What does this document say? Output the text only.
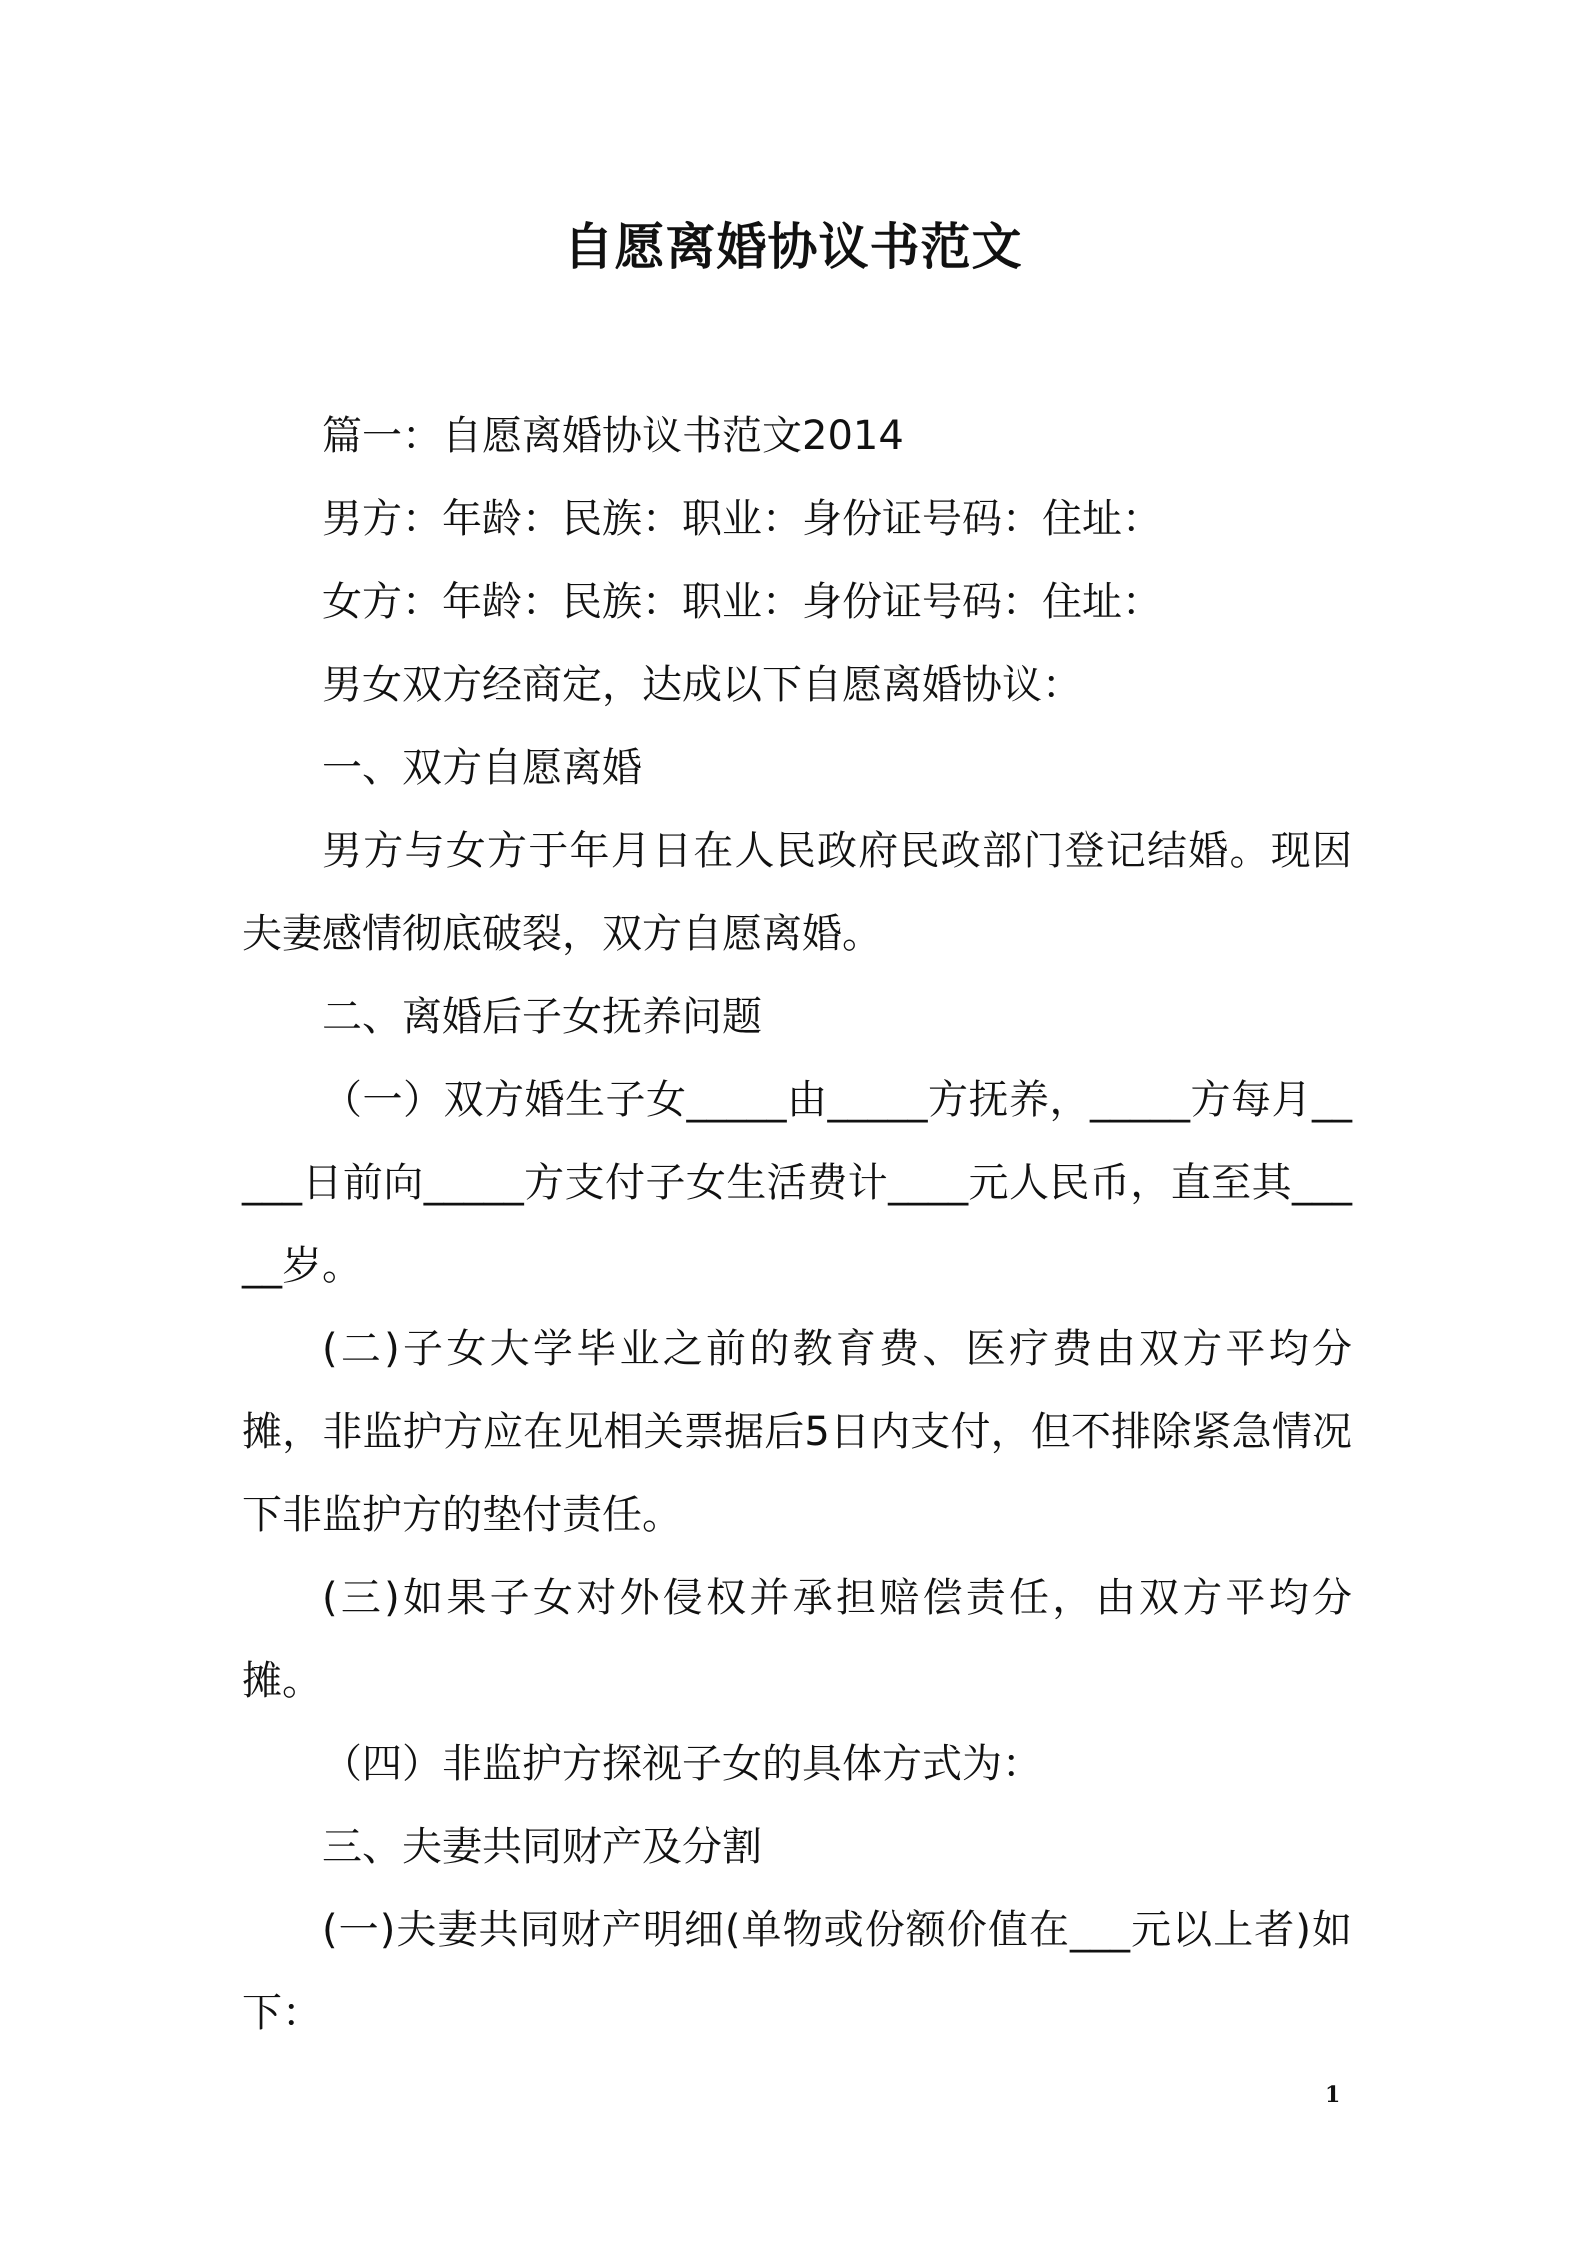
自愿离婚协议书范文

篇一：自愿离婚协议书范文2014

男方：年龄：民族：职业：身份证号码：住址：

女方：年龄：民族：职业：身份证号码：住址：

男女双方经商定，达成以下自愿离婚协议：

一、双方自愿离婚

男方与女方于年月日在人民政府民政部门登记结婚。现因夫妻感情彻底破裂，双方自愿离婚。

二、离婚后子女抚养问题

（一）双方婚生子女_____由_____方抚养，_____方每月_____日前向_____方支付子女生活费计____元人民币，直至其_____岁。

(二)子女大学毕业之前的教育费、医疗费由双方平均分摊，非监护方应在见相关票据后5日内支付，但不排除紧急情况下非监护方的垫付责任。

(三)如果子女对外侵权并承担赔偿责任，由双方平均分摊。

（四）非监护方探视子女的具体方式为：

三、夫妻共同财产及分割

(一)夫妻共同财产明细(单物或份额价值在___元以上者)如下：

1
